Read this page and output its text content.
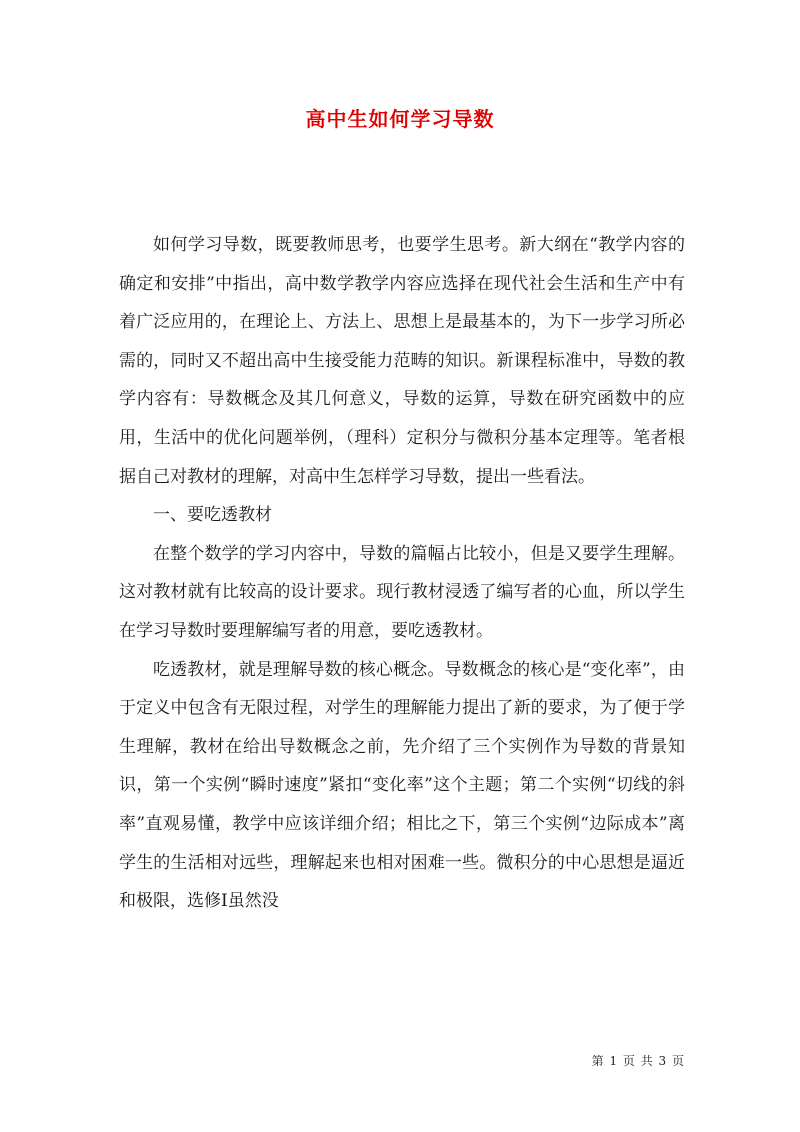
高中生如何学习导数

如何学习导数，既要教师思考，也要学生思考。新大纲在“教学内容的确定和安排”中指出，高中数学教学内容应选择在现代社会生活和生产中有着广泛应用的，在理论上、方法上、思想上是最基本的，为下一步学习所必需的，同时又不超出高中生接受能力范畴的知识。新课程标准中，导数的教学内容有：导数概念及其几何意义，导数的运算，导数在研究函数中的应用，生活中的优化问题举例，（理科）定积分与微积分基本定理等。笔者根据自己对教材的理解，对高中生怎样学习导数，提出一些看法。

一、要吃透教材

在整个数学的学习内容中，导数的篇幅占比较小，但是又要学生理解。这对教材就有比较高的设计要求。现行教材浸透了编写者的心血，所以学生在学习导数时要理解编写者的用意，要吃透教材。

吃透教材，就是理解导数的核心概念。导数概念的核心是“变化率”，由于定义中包含有无限过程，对学生的理解能力提出了新的要求，为了便于学生理解，教材在给出导数概念之前，先介绍了三个实例作为导数的背景知识，第一个实例“瞬时速度”紧扣“变化率”这个主题；第二个实例“切线的斜率”直观易懂，教学中应该详细介绍；相比之下，第三个实例“边际成本”离学生的生活相对远些，理解起来也相对困难一些。微积分的中心思想是逼近和极限，选修Ⅰ虽然没

第 1 页 共 3 页
